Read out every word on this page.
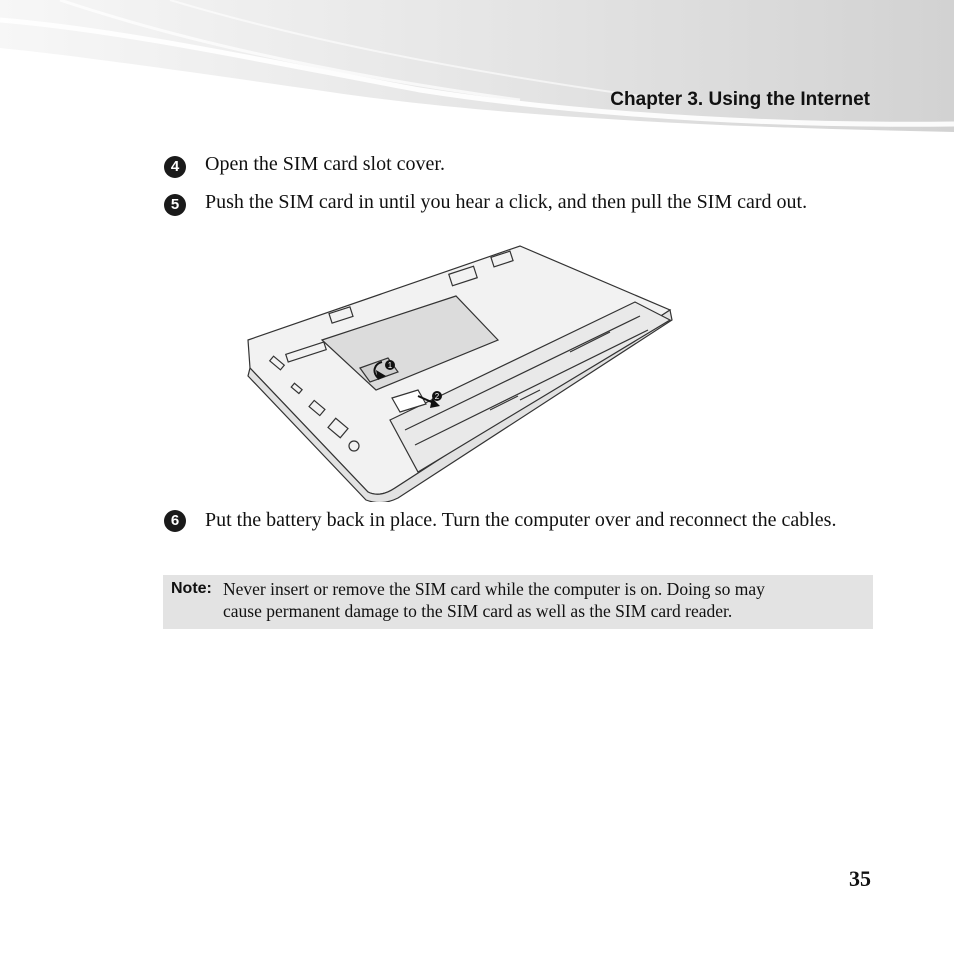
Chapter 3. Using the Internet
4	Open the SIM card slot cover.
5	Push the SIM card in until you hear a click, and then pull the SIM card out.
1
2
6	Put the battery back in place. Turn the computer over and reconnect the cables.
Note: Never insert or remove the SIM card while the computer is on. Doing so may
cause permanent damage to the SIM card as well as the SIM card reader.
35
